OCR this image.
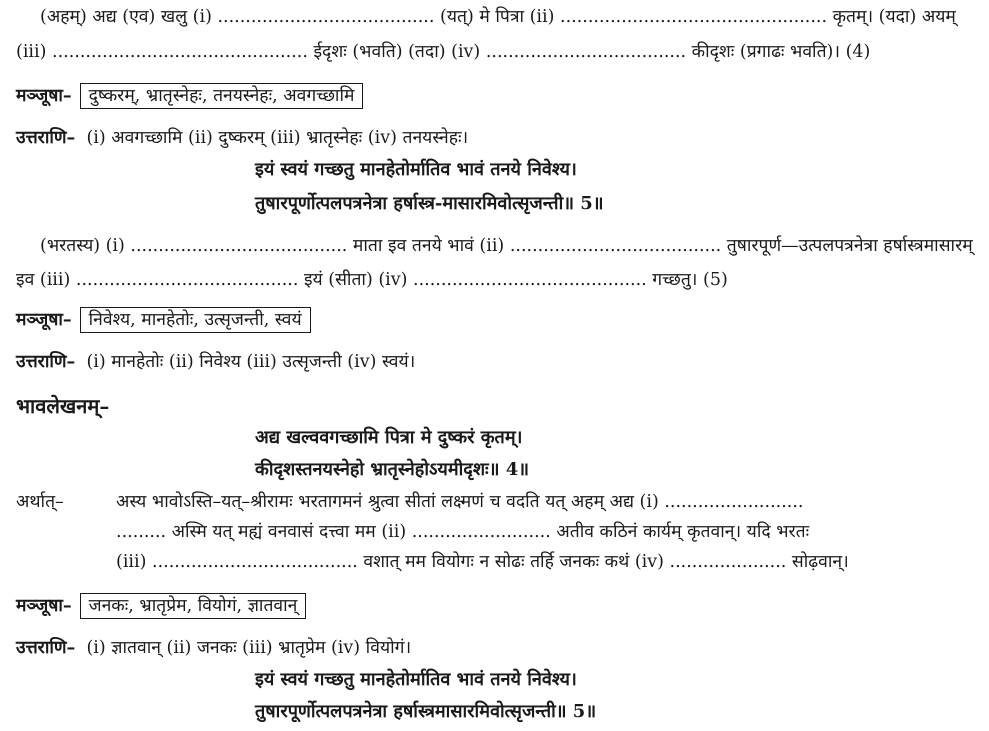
(अहम्) अद्य (एव) खलु (i) ....................................... (यत्) मे पित्रा (ii) ................................................ कृतम्। (यदा) अयम्
(iii) .............................................. ईदृशः (भवति) (तदा) (iv) .................................... कीदृशः (प्रगाढः भवति)। (4)
मञ्जूषा– दुष्करम्, भ्रातृस्नेहः, तनयस्नेहः, अवगच्छामि
उत्तराणि– (i) अवगच्छामि (ii) दुष्करम् (iii) भ्रातृस्नेहः (iv) तनयस्नेहः।
इयं स्वयं गच्छतु मानहेतोर्मातिव भावं तनये निवेश्य।
तुषारपूर्णोत्पलपत्रनेत्रा हर्षास्त्र-मासारमिवोत्सृजन्ती॥ 5॥
(भरतस्य) (i) ....................................... माता इव तनये भावं (ii) ...................................... तुषारपूर्ण—उत्पलपत्रनेत्रा हर्षास्त्रमासारम्
इव (iii) ........................................ इयं (सीता) (iv) .......................................... गच्छतु। (5)
मञ्जूषा– निवेश्य, मानहेतोः, उत्सृजन्ती, स्वयं
उत्तराणि– (i) मानहेतोः (ii) निवेश्य (iii) उत्सृजन्ती (iv) स्वयं।
भावलेखनम्–
अद्य खल्ववगच्छामि पित्रा मे दुष्करं कृतम्।
कीदृशस्तनयस्नेहो भ्रातृस्नेहोऽयमीदृशः॥ 4॥
अर्थात्–	अस्य भावोऽस्ति–यत्–श्रीरामः भरतागमनं श्रुत्वा सीतां लक्ष्मणं च वदति यत् अहम् अद्य (i) .........................
......... अस्मि यत् मह्यं वनवासं दत्त्वा मम (ii) ......................... अतीव कठिनं कार्यम् कृतवान्। यदि भरतः
(iii) ..................................... वशात् मम वियोगः न सोढः तर्हि जनकः कथं (iv) ..................... सोढ़वान्।
मञ्जूषा– जनकः, भ्रातृप्रेम, वियोगं, ज्ञातवान्
उत्तराणि– (i) ज्ञातवान् (ii) जनकः (iii) भ्रातृप्रेम (iv) वियोगं।
इयं स्वयं गच्छतु मानहेतोर्मातिव भावं तनये निवेश्य।
तुषारपूर्णोत्पलपत्रनेत्रा हर्षास्त्रमासारमिवोत्सृजन्ती॥ 5॥
